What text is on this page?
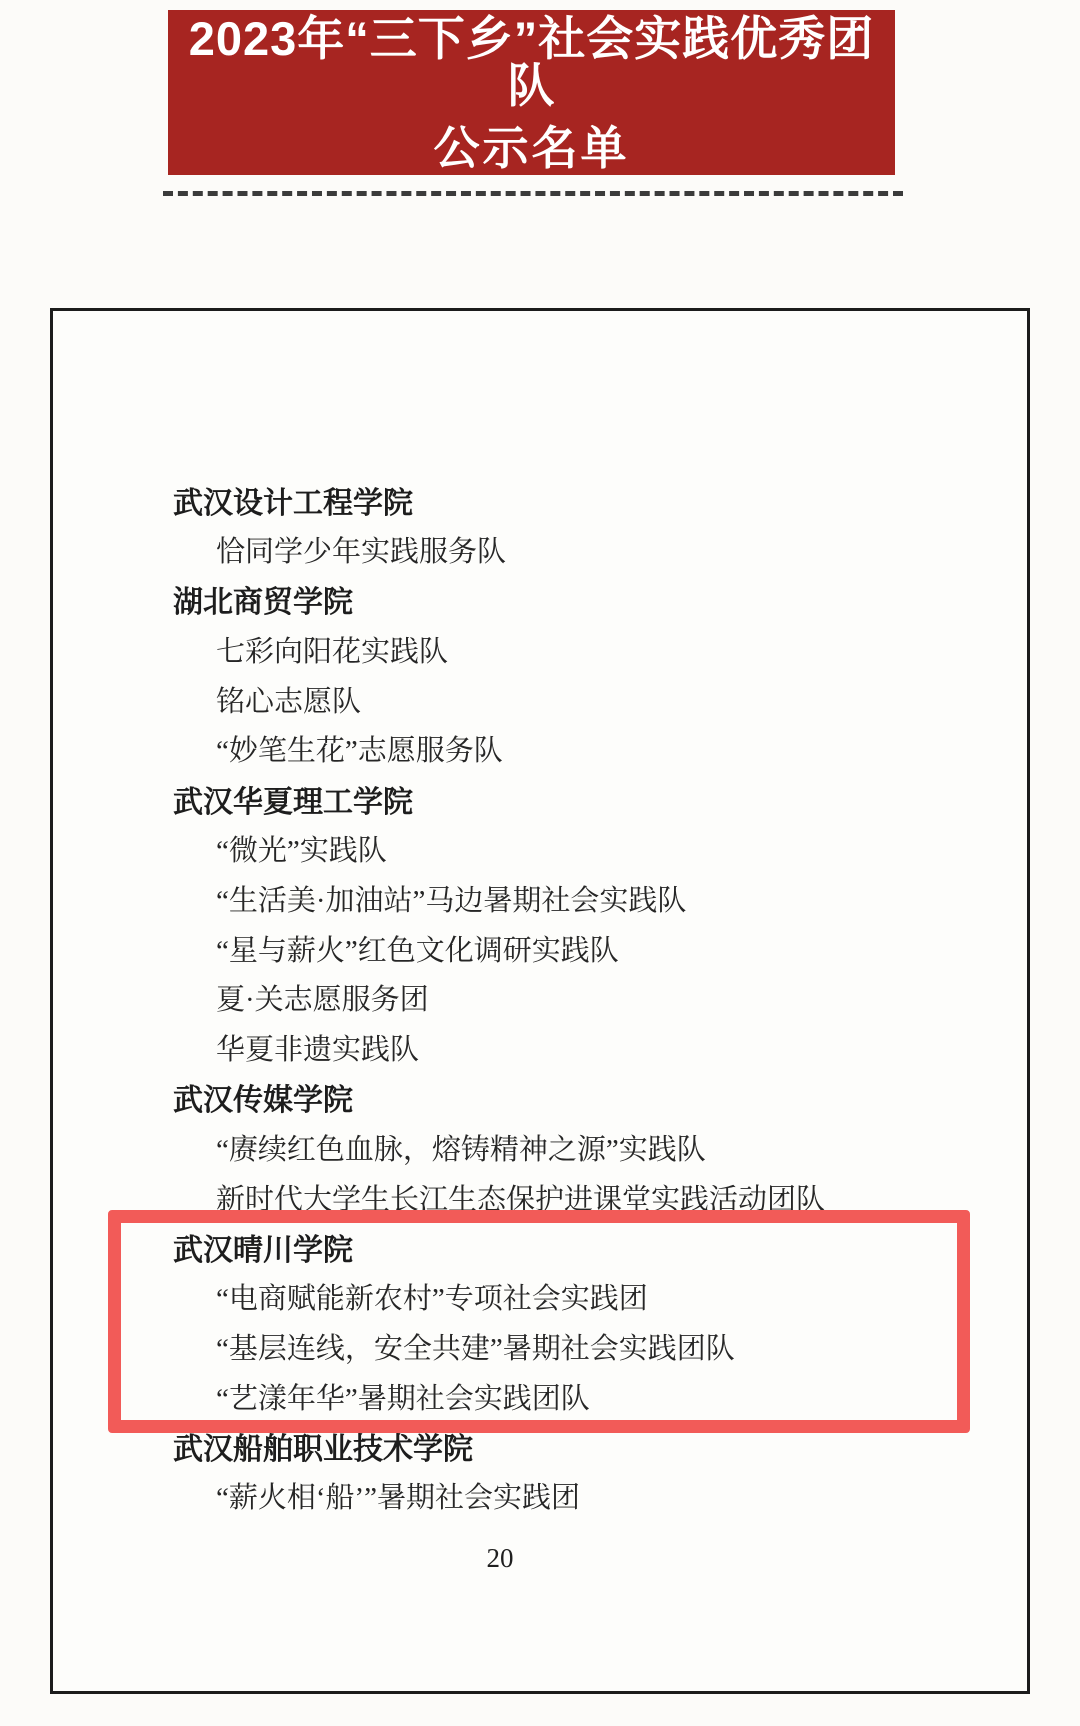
2023年“三下乡”社会实践优秀团队
公示名单
武汉设计工程学院
恰同学少年实践服务队
湖北商贸学院
七彩向阳花实践队
铭心志愿队
“妙笔生花”志愿服务队
武汉华夏理工学院
“微光”实践队
“生活美·加油站”马边暑期社会实践队
“星与薪火”红色文化调研实践队
夏·关志愿服务团
华夏非遗实践队
武汉传媒学院
“赓续红色血脉，熔铸精神之源”实践队
新时代大学生长江生态保护进课堂实践活动团队
武汉晴川学院
“电商赋能新农村”专项社会实践团
“基层连线，安全共建”暑期社会实践团队
“艺漾年华”暑期社会实践团队
武汉船舶职业技术学院
“薪火相‘船’”暑期社会实践团
20
